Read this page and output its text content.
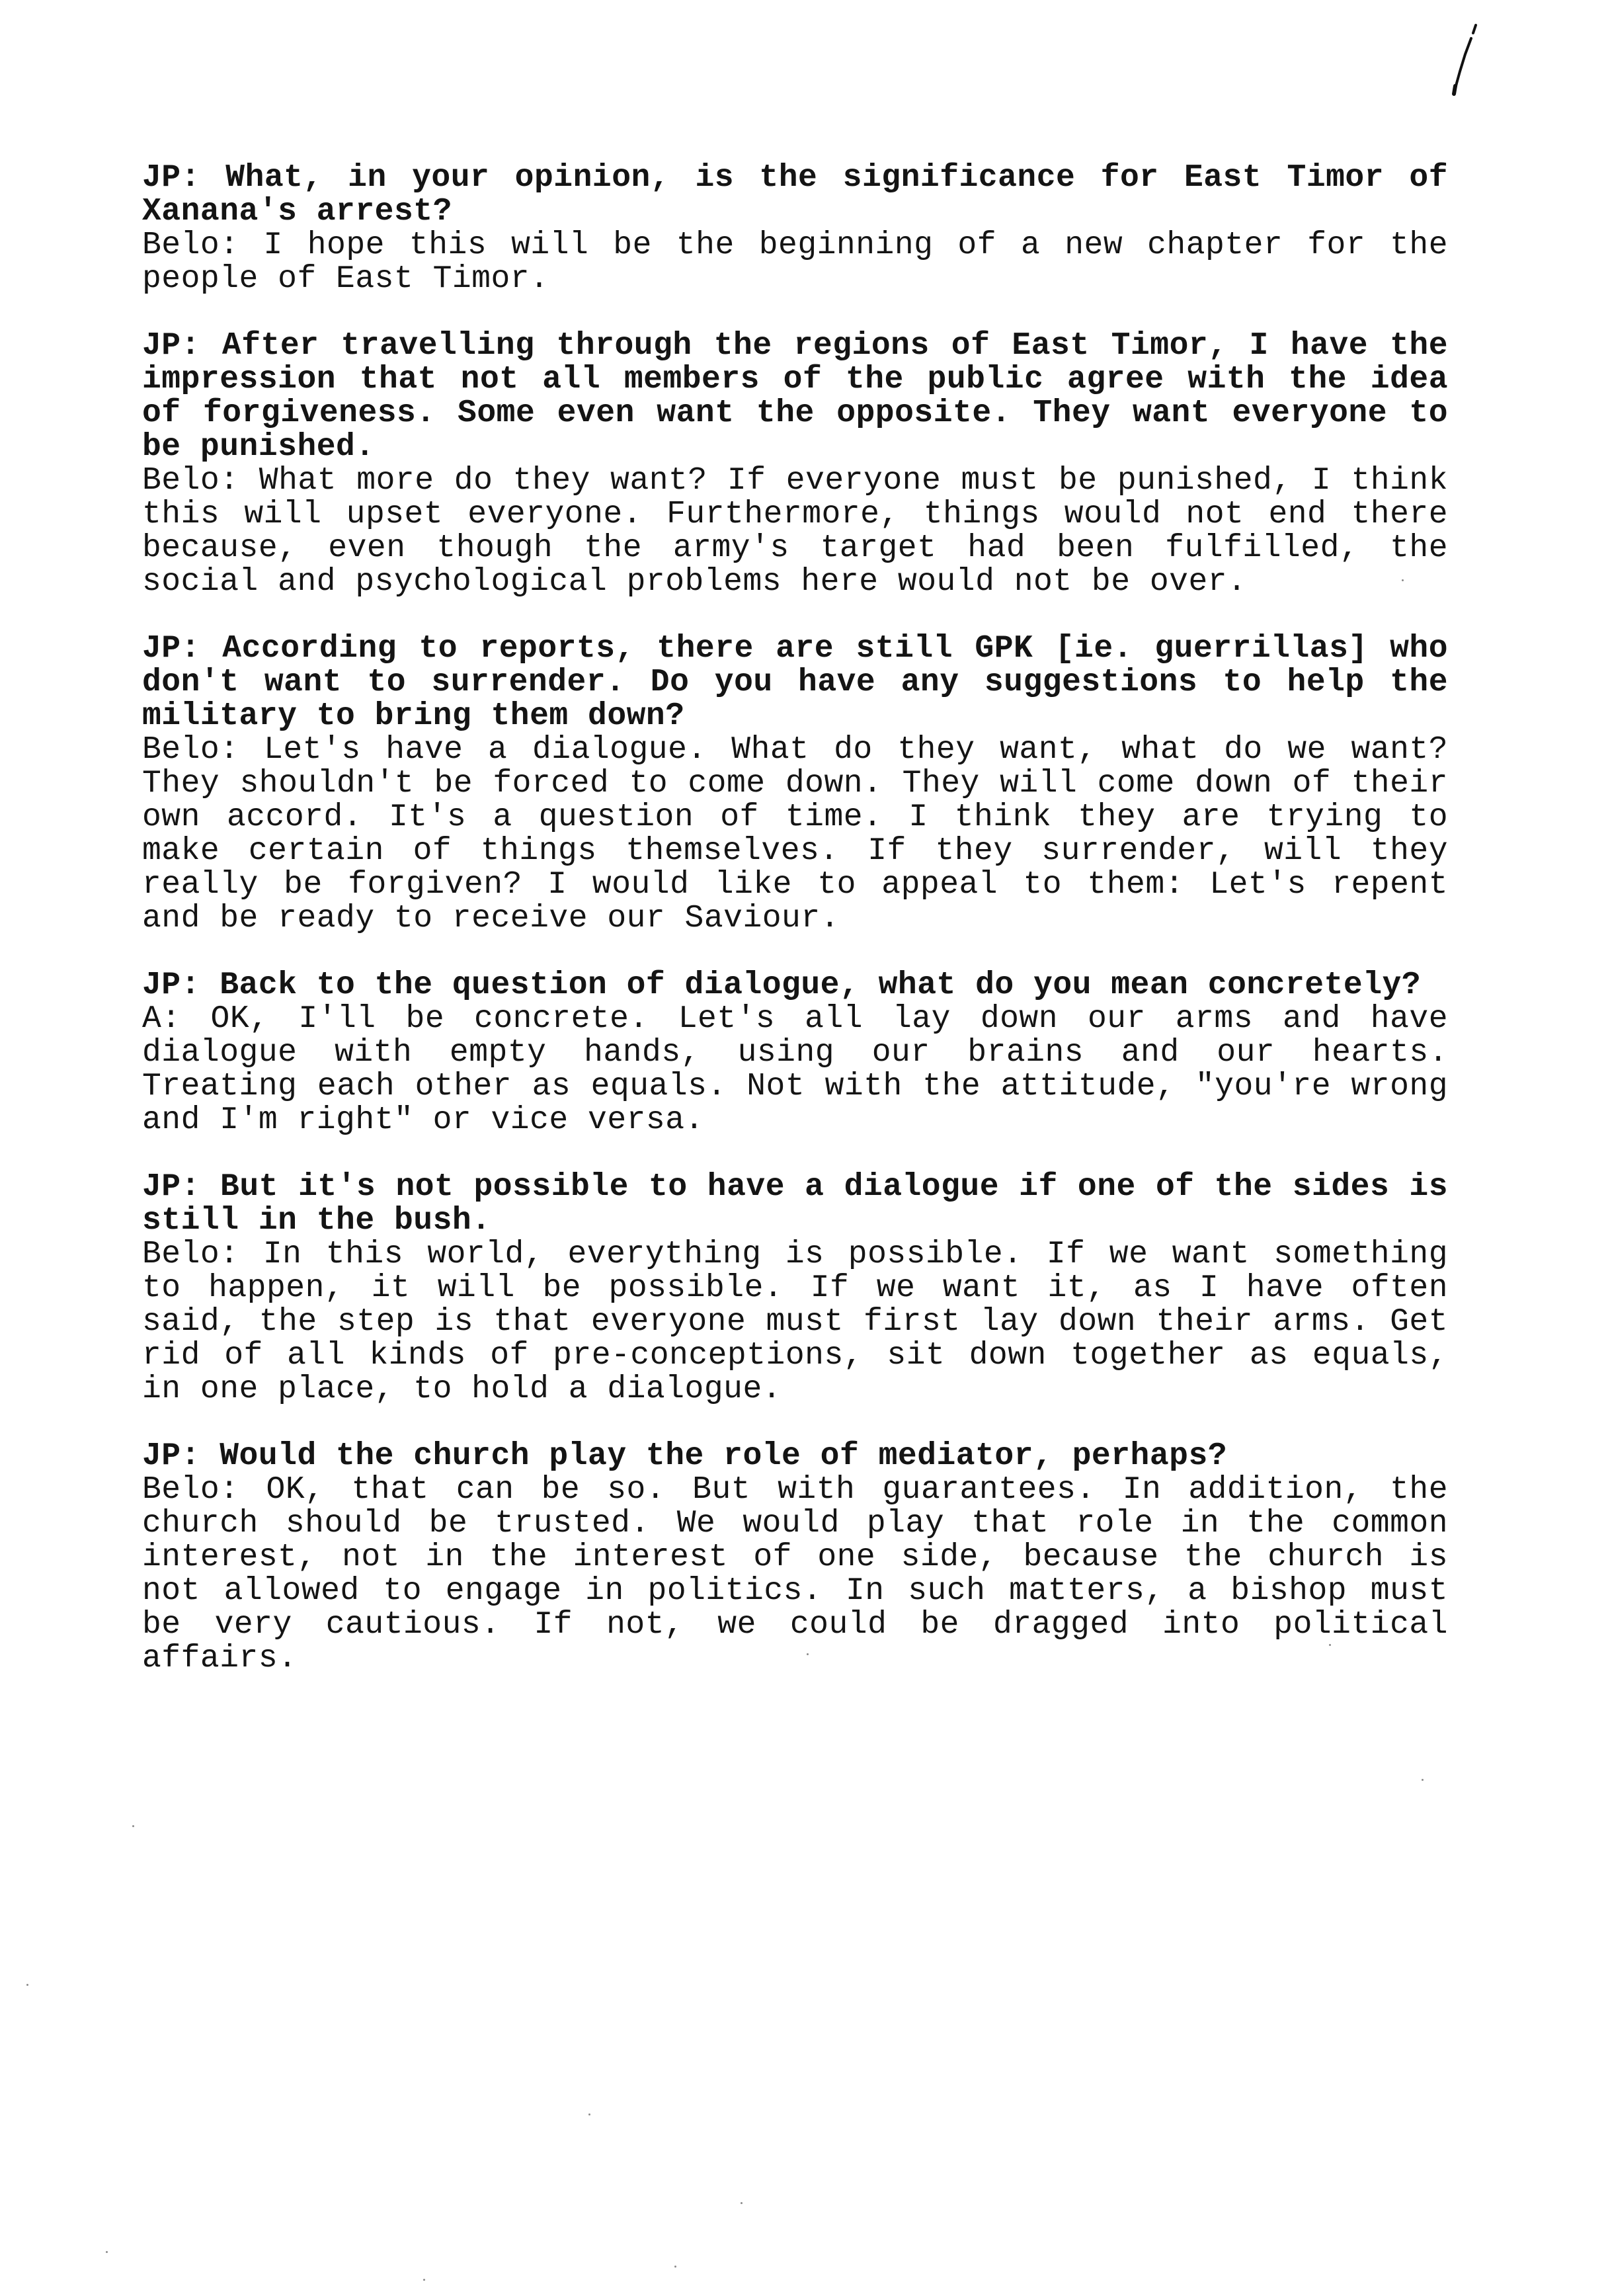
JP: What, in your opinion, is the significance for East Timor of Xanana's arrest?

Belo: I hope this will be the beginning of a new chapter for the people of East Timor.

JP: After travelling through the regions of East Timor, I have the impression that not all members of the public agree with the idea of forgiveness. Some even want the opposite. They want everyone to be punished.

Belo: What more do they want? If everyone must be punished, I think this will upset everyone. Furthermore, things would not end there because, even though the army's target had been fulfilled, the social and psychological problems here would not be over.

JP: According to reports, there are still GPK [ie. guerrillas] who don't want to surrender. Do you have any suggestions to help the military to bring them down?

Belo: Let's have a dialogue. What do they want, what do we want? They shouldn't be forced to come down. They will come down of their own accord. It's a question of time. I think they are trying to make certain of things themselves. If they surrender, will they really be forgiven? I would like to appeal to them: Let's repent and be ready to receive our Saviour.

JP: Back to the question of dialogue, what do you mean concretely?

A: OK, I'll be concrete. Let's all lay down our arms and have dialogue with empty hands, using our brains and our hearts. Treating each other as equals. Not with the attitude, "you're wrong and I'm right" or vice versa.

JP: But it's not possible to have a dialogue if one of the sides is still in the bush.

Belo: In this world, everything is possible. If we want something to happen, it will be possible. If we want it, as I have often said, the step is that everyone must first lay down their arms. Get rid of all kinds of pre-conceptions, sit down together as equals, in one place, to hold a dialogue.

JP: Would the church play the role of mediator, perhaps?

Belo: OK, that can be so. But with guarantees. In addition, the church should be trusted. We would play that role in the common interest, not in the interest of one side, because the church is not allowed to engage in politics. In such matters, a bishop must be very cautious. If not, we could be dragged into political affairs.
